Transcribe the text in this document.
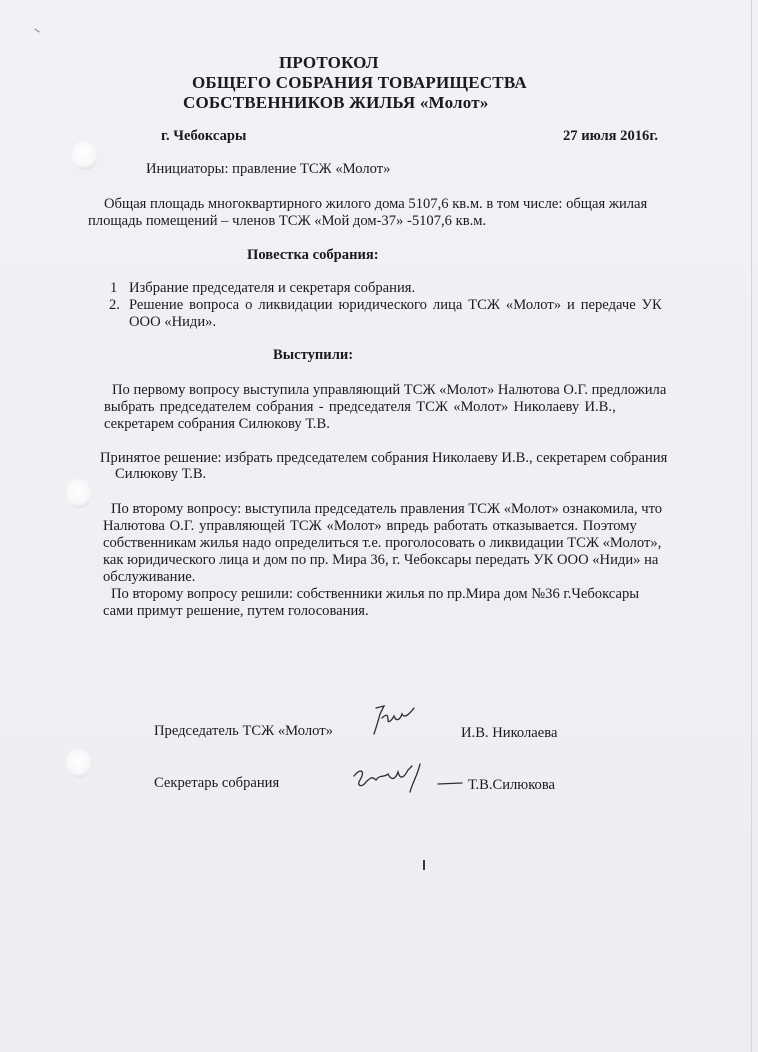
ПРОТОКОЛ
ОБЩЕГО СОБРАНИЯ ТОВАРИЩЕСТВА
СОБСТВЕННИКОВ ЖИЛЬЯ «Молот»
г. Чебоксары	27 июля 2016г.
Инициаторы: правление ТСЖ «Молот»
Общая площадь многоквартирного жилого дома 5107,6 кв.м. в том числе: общая жилая
площадь помещений – членов ТСЖ «Мой дом-37» -5107,6 кв.м.
Повестка собрания:
1 Избрание председателя и секретаря собрания.
2. Решение вопроса о ликвидации юридического лица ТСЖ «Молот» и передаче УК
ООО «Ниди».
Выступили:
По первому вопросу выступила управляющий ТСЖ «Молот» Налютова О.Г. предложила
выбрать председателем собрания - председателя ТСЖ «Молот» Николаеву И.В.,
секретарем собрания Силюкову Т.В.
Принятое решение: избрать председателем собрания Николаеву И.В., секретарем собрания
Силюкову Т.В.
По второму вопросу: выступила председатель правления ТСЖ «Молот» ознакомила, что
Налютова О.Г. управляющей ТСЖ «Молот» впредь работать отказывается. Поэтому
собственникам жилья надо определиться т.е. проголосовать о ликвидации ТСЖ «Молот»,
как юридического лица и дом по пр. Мира 36, г. Чебоксары передать УК ООО «Ниди» на
обслуживание.
По второму вопросу решили: собственники жилья по пр.Мира дом №36 г.Чебоксары
сами примут решение, путем голосования.
Председатель ТСЖ «Молот»	И.В. Николаева
Секретарь собрания	Т.В.Силюкова
